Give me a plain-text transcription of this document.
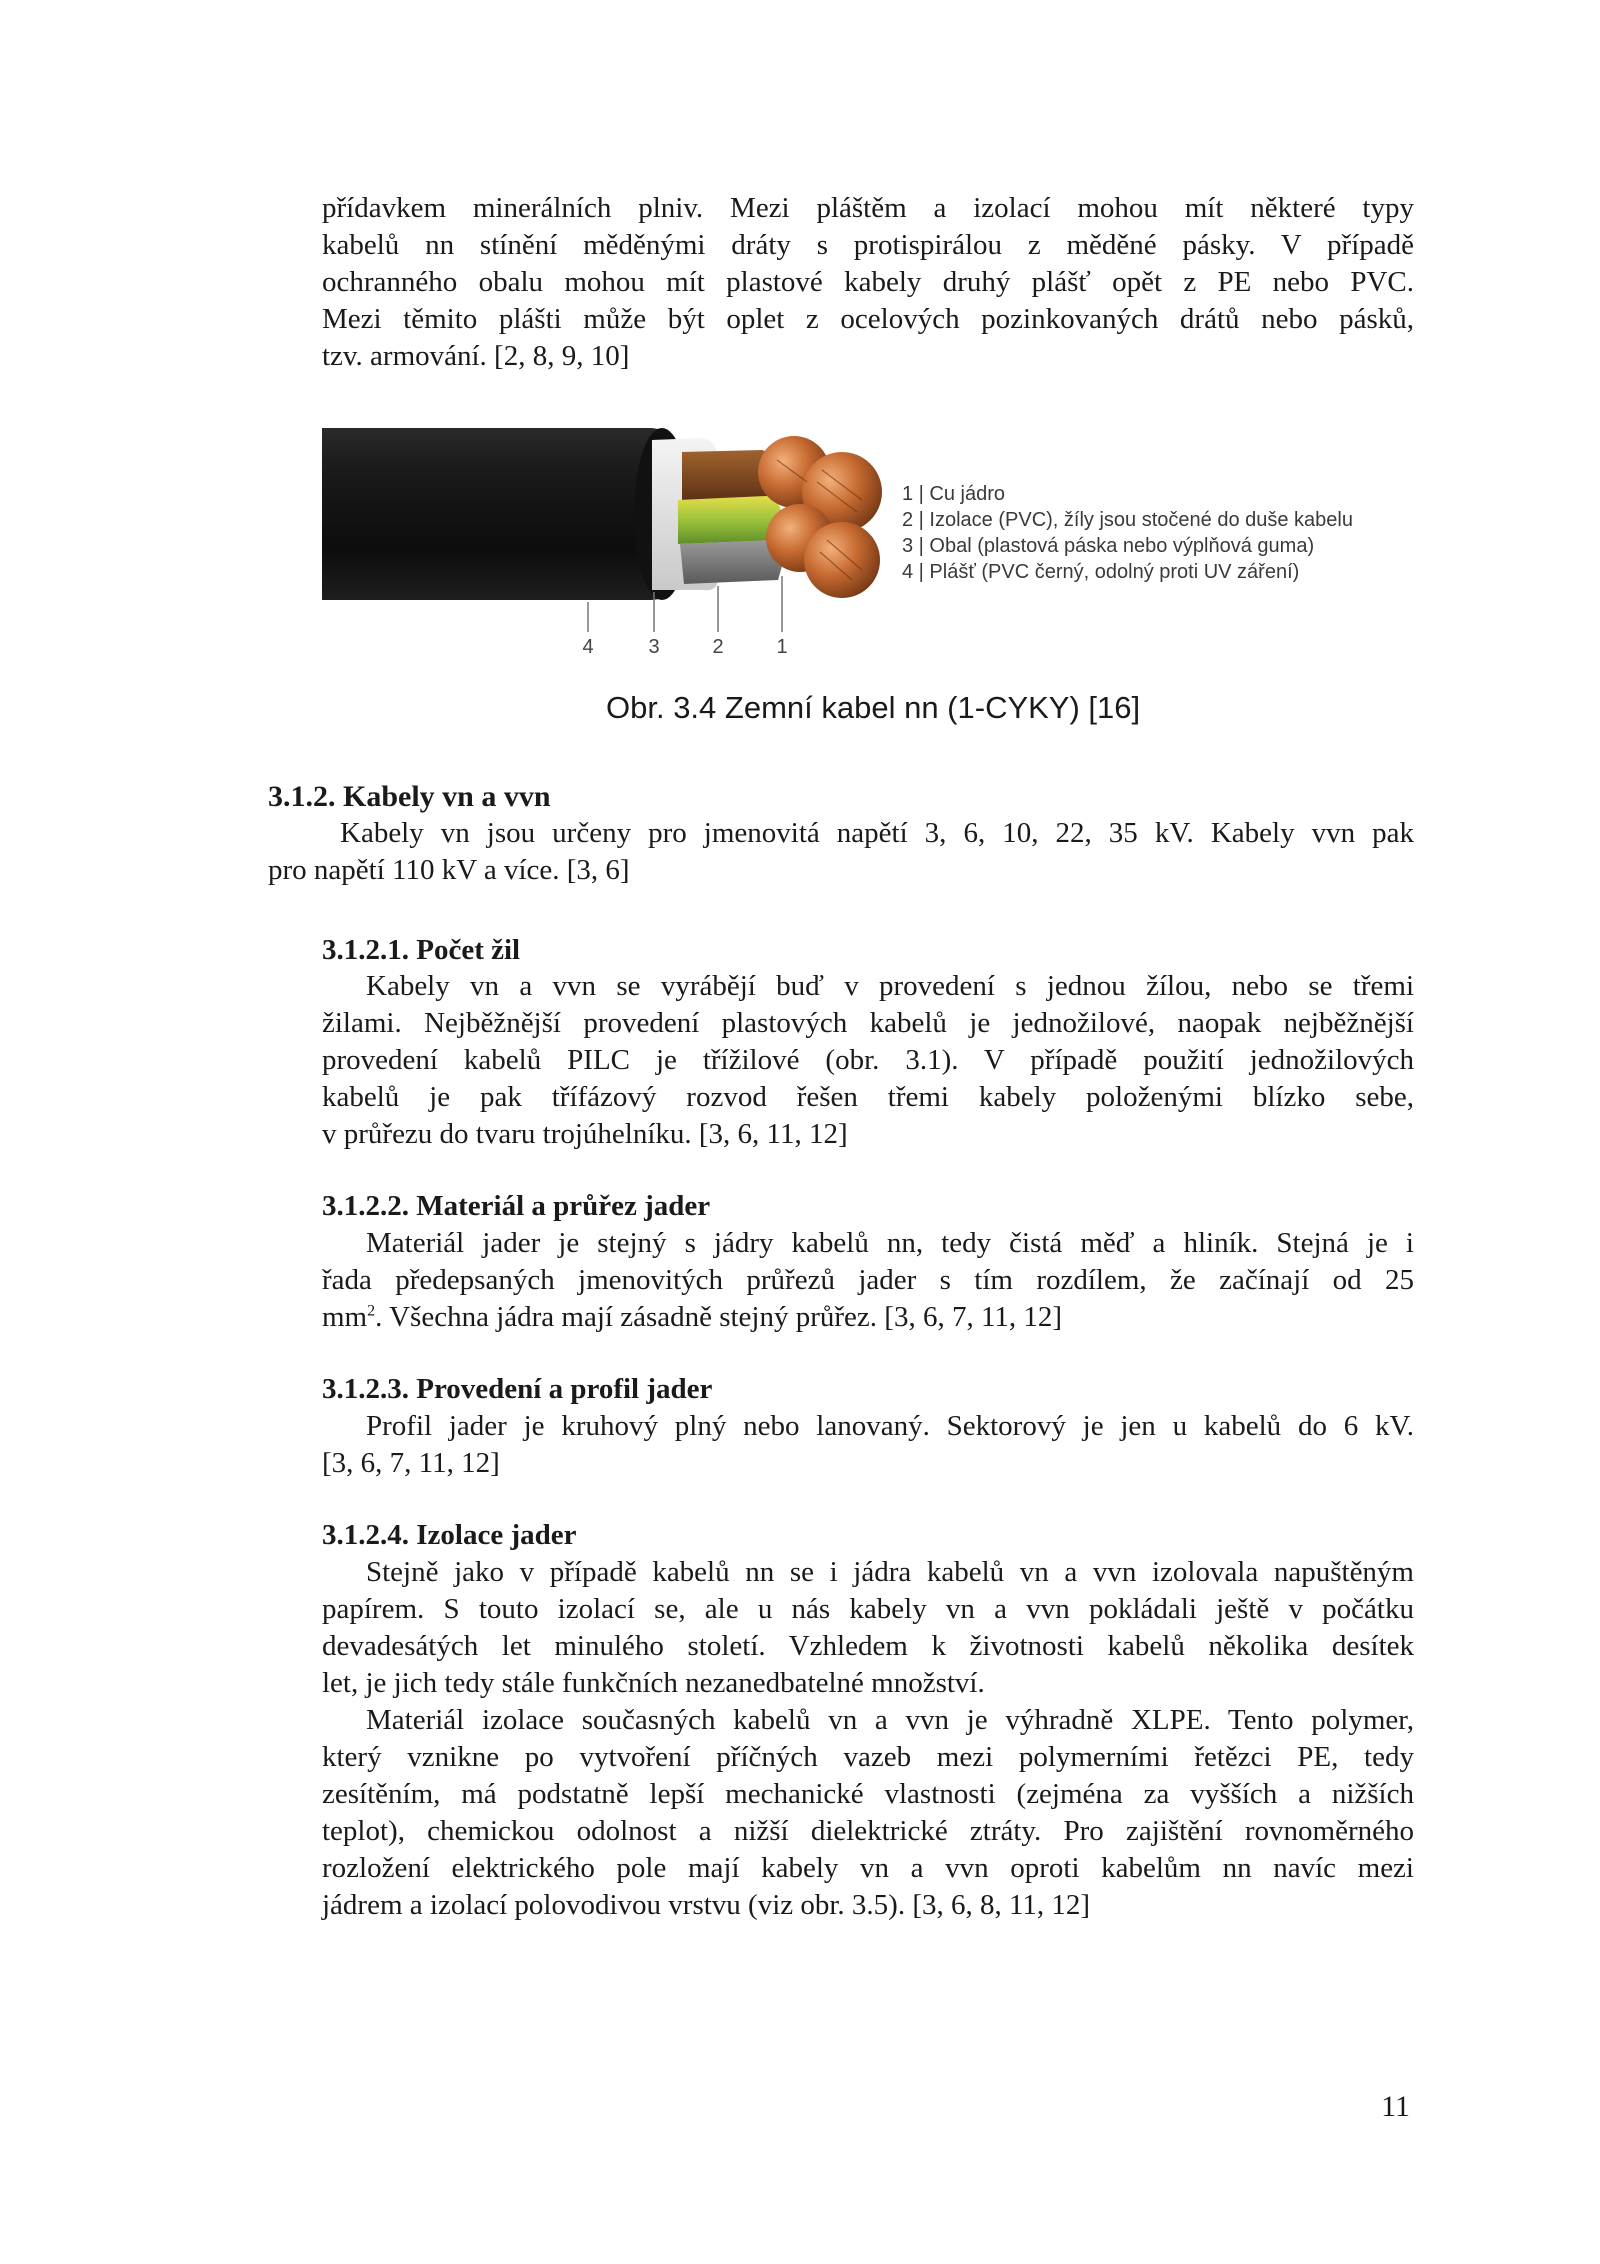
přídavkem minerálních plniv. Mezi pláštěm a izolací mohou mít některé typy
kabelů nn stínění měděnými dráty s protispirálou z měděné pásky. V případě
ochranného obalu mohou mít plastové kabely druhý plášť opět z PE nebo PVC.
Mezi těmito plášti může být oplet z ocelových pozinkovaných drátů nebo pásků,
tzv. armování. [2, 8, 9, 10]
4	3	2	1
1 | Cu jádro
2 | Izolace (PVC), žíly jsou stočené do duše kabelu
3 | Obal (plastová páska nebo výplňová guma)
4 | Plášť (PVC černý, odolný proti UV záření)
Obr. 3.4 Zemní kabel nn (1-CYKY) [16]
3.1.2. Kabely vn a vvn
Kabely vn jsou určeny pro jmenovitá napětí 3, 6, 10, 22, 35 kV. Kabely vvn pak
pro napětí 110 kV a více. [3, 6]
3.1.2.1. Počet žil
Kabely vn a vvn se vyrábějí buď v provedení s jednou žílou, nebo se třemi
žilami. Nejběžnější provedení plastových kabelů je jednožilové, naopak nejběžnější
provedení kabelů PILC je třížilové (obr. 3.1). V případě použití jednožilových
kabelů je pak třífázový rozvod řešen třemi kabely položenými blízko sebe,
v průřezu do tvaru trojúhelníku. [3, 6, 11, 12]
3.1.2.2. Materiál a průřez jader
Materiál jader je stejný s jádry kabelů nn, tedy čistá měď a hliník. Stejná je i
řada předepsaných jmenovitých průřezů jader s tím rozdílem, že začínají od 25
$mm^2$. Všechna jádra mají zásadně stejný průřez. [3, 6, 7, 11, 12]
3.1.2.3. Provedení a profil jader
Profil jader je kruhový plný nebo lanovaný. Sektorový je jen u kabelů do 6 kV.
[3, 6, 7, 11, 12]
3.1.2.4. Izolace jader
Stejně jako v případě kabelů nn se i jádra kabelů vn a vvn izolovala napuštěným
papírem. S touto izolací se, ale u nás kabely vn a vvn pokládali ještě v počátku
devadesátých let minulého století. Vzhledem k životnosti kabelů několika desítek
let, je jich tedy stále funkčních nezanedbatelné množství.
Materiál izolace současných kabelů vn a vvn je výhradně XLPE. Tento polymer,
který vznikne po vytvoření příčných vazeb mezi polymerními řetězci PE, tedy
zesítěním, má podstatně lepší mechanické vlastnosti (zejména za vyšších a nižších
teplot), chemickou odolnost a nižší dielektrické ztráty. Pro zajištění rovnoměrného
rozložení elektrického pole mají kabely vn a vvn oproti kabelům nn navíc mezi
jádrem a izolací polovodivou vrstvu (viz obr. 3.5). [3, 6, 8, 11, 12]
11
